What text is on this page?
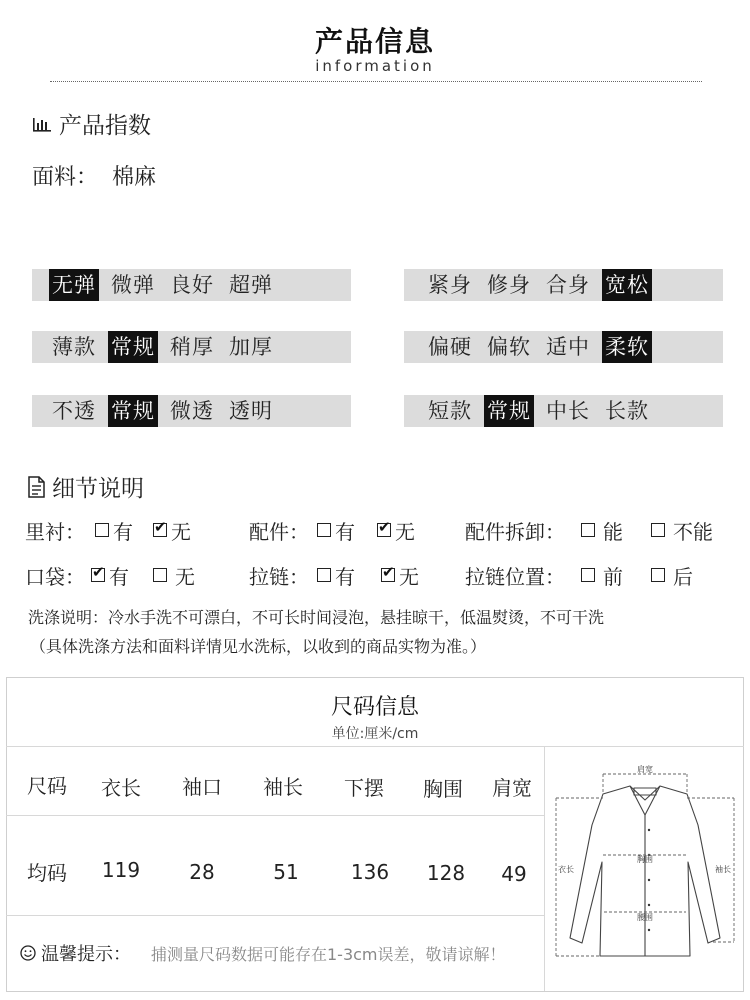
产品信息
information
产品指数
面料： 棉麻
无弹 微弹 良好 超弹	紧身 修身 合身 宽松
薄款 常规 稍厚 加厚	偏硬 偏软 适中 柔软
不透 常规 微透 透明	短款 常规 中长 长款
细节说明
里衬： 有 ✔ 无	配件： 有 ✔ 无	配件拆卸： 能	不能
口袋： ✔ 有 无	拉链： 有 ✔ 无 拉链位置： 前	后
洗涤说明：冷水手洗不可漂白，不可长时间浸泡，悬挂晾干，低温熨烫，不可干洗
（具体洗涤方法和面料详情见水洗标，以收到的商品实物为准。）
尺码信息
单位:厘米/cm
尺码	衣长	袖口	袖长	下摆	胸围	肩宽
均码	119	28	51	136	128	49
温馨提示： 捕测量尺码数据可能存在1-3cm误差，敬请谅解！
肩宽
胸围
腰围
衣长	袖长
